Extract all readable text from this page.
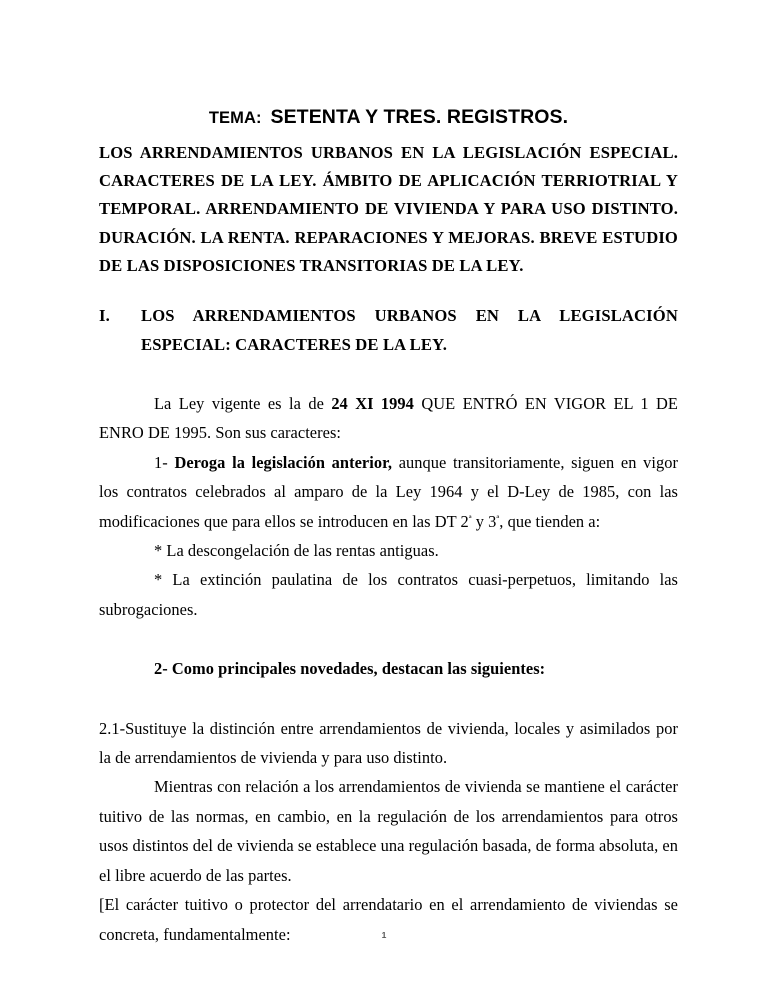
TEMA: SETENTA Y TRES. REGISTROS.

LOS ARRENDAMIENTOS URBANOS EN LA LEGISLACIÓN ESPECIAL. CARACTERES DE LA LEY. ÁMBITO DE APLICACIÓN TERRIOTRIAL Y TEMPORAL. ARRENDAMIENTO DE VIVIENDA Y PARA USO DISTINTO. DURACIÓN. LA RENTA. REPARACIONES Y MEJORAS. BREVE ESTUDIO DE LAS DISPOSICIONES TRANSITORIAS DE LA LEY.

I.	LOS ARRENDAMIENTOS URBANOS EN LA LEGISLACIÓN
ESPECIAL: CARACTERES DE LA LEY.

La Ley vigente es la de 24 XI 1994 QUE ENTRÓ EN VIGOR EL 1 DE ENRO DE 1995. Son sus caracteres:

1- Deroga la legislación anterior, aunque transitoriamente, siguen en vigor los contratos celebrados al amparo de la Ley 1964 y el D-Ley de 1985, con las modificaciones que para ellos se introducen en las DT $2^ª$ y $3^ª$, que tienden a:

* La descongelación de las rentas antiguas.

* La extinción paulatina de los contratos cuasi-perpetuos, limitando las subrogaciones.

2- Como principales novedades, destacan las siguientes:

2.1-Sustituye la distinción entre arrendamientos de vivienda, locales y asimilados por la de arrendamientos de vivienda y para uso distinto.

Mientras con relación a los arrendamientos de vivienda se mantiene el carácter tuitivo de las normas, en cambio, en la regulación de los arrendamientos para otros usos distintos del de vivienda se establece una regulación basada, de forma absoluta, en el libre acuerdo de las partes.

[El carácter tuitivo o protector del arrendatario en el arrendamiento de viviendas se concreta, fundamentalmente:	1
